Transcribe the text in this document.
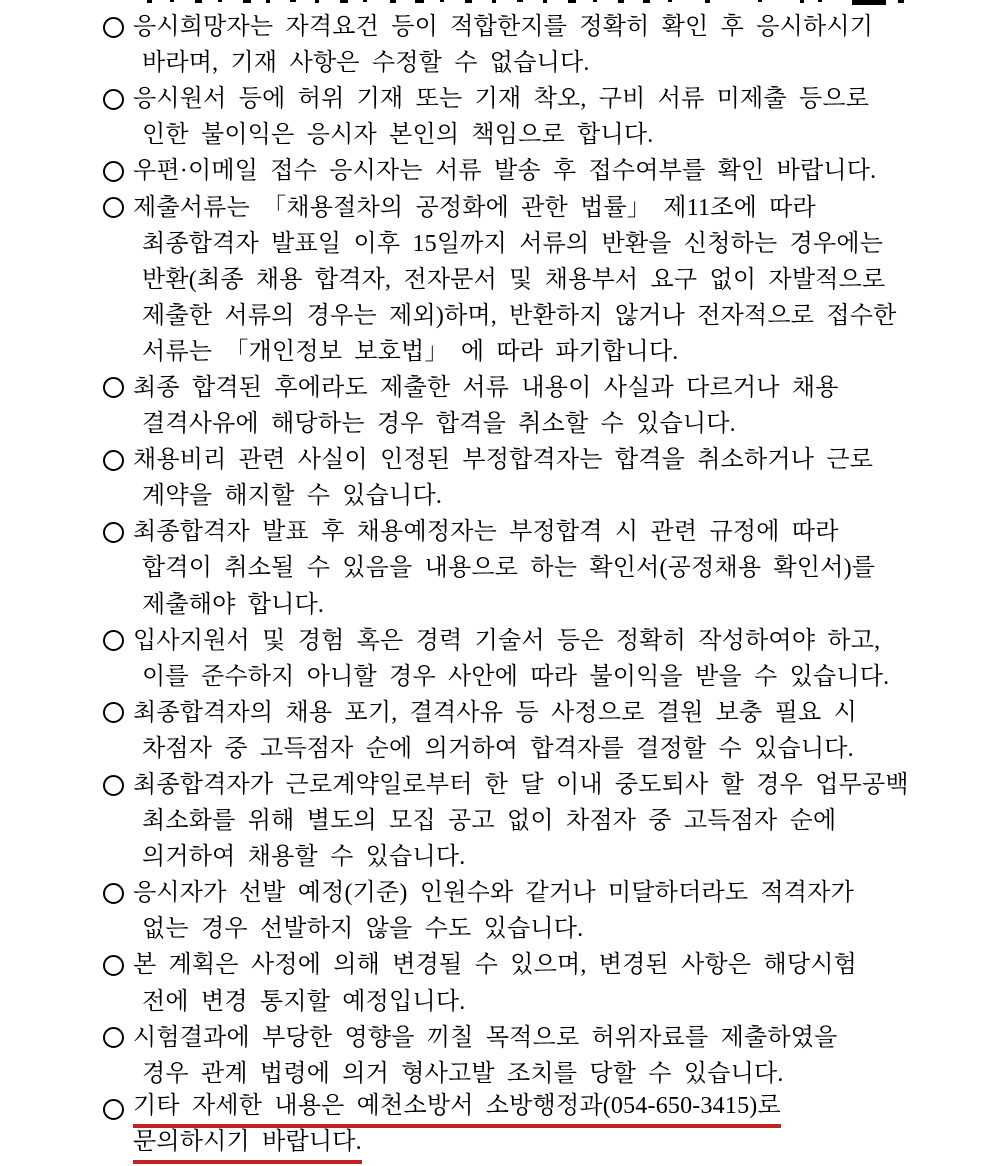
응시희망자는 자격요건 등이 적합한지를 정확히 확인 후 응시하시기
바라며, 기재 사항은 수정할 수 없습니다.
응시원서 등에 허위 기재 또는 기재 착오, 구비 서류 미제출 등으로
인한 불이익은 응시자 본인의 책임으로 합니다.
우편·이메일 접수 응시자는 서류 발송 후 접수여부를 확인 바랍니다.
제출서류는 「채용절차의 공정화에 관한 법률」 제11조에 따라
최종합격자 발표일 이후 15일까지 서류의 반환을 신청하는 경우에는
반환(최종 채용 합격자, 전자문서 및 채용부서 요구 없이 자발적으로
제출한 서류의 경우는 제외)하며, 반환하지 않거나 전자적으로 접수한
서류는 「개인정보 보호법」 에 따라 파기합니다.
최종 합격된 후에라도 제출한 서류 내용이 사실과 다르거나 채용
결격사유에 해당하는 경우 합격을 취소할 수 있습니다.
채용비리 관련 사실이 인정된 부정합격자는 합격을 취소하거나 근로
계약을 해지할 수 있습니다.
최종합격자 발표 후 채용예정자는 부정합격 시 관련 규정에 따라
합격이 취소될 수 있음을 내용으로 하는 확인서(공정채용 확인서)를
제출해야 합니다.
입사지원서 및 경험 혹은 경력 기술서 등은 정확히 작성하여야 하고,
이를 준수하지 아니할 경우 사안에 따라 불이익을 받을 수 있습니다.
최종합격자의 채용 포기, 결격사유 등 사정으로 결원 보충 필요 시
차점자 중 고득점자 순에 의거하여 합격자를 결정할 수 있습니다.
최종합격자가 근로계약일로부터 한 달 이내 중도퇴사 할 경우 업무공백
최소화를 위해 별도의 모집 공고 없이 차점자 중 고득점자 순에
의거하여 채용할 수 있습니다.
응시자가 선발 예정(기준) 인원수와 같거나 미달하더라도 적격자가
없는 경우 선발하지 않을 수도 있습니다.
본 계획은 사정에 의해 변경될 수 있으며, 변경된 사항은 해당시험
전에 변경 통지할 예정입니다.
시험결과에 부당한 영향을 끼칠 목적으로 허위자료를 제출하였을
경우 관계 법령에 의거 형사고발 조치를 당할 수 있습니다.
기타 자세한 내용은 예천소방서 소방행정과(054-650-3415)로
문의하시기 바랍니다.
